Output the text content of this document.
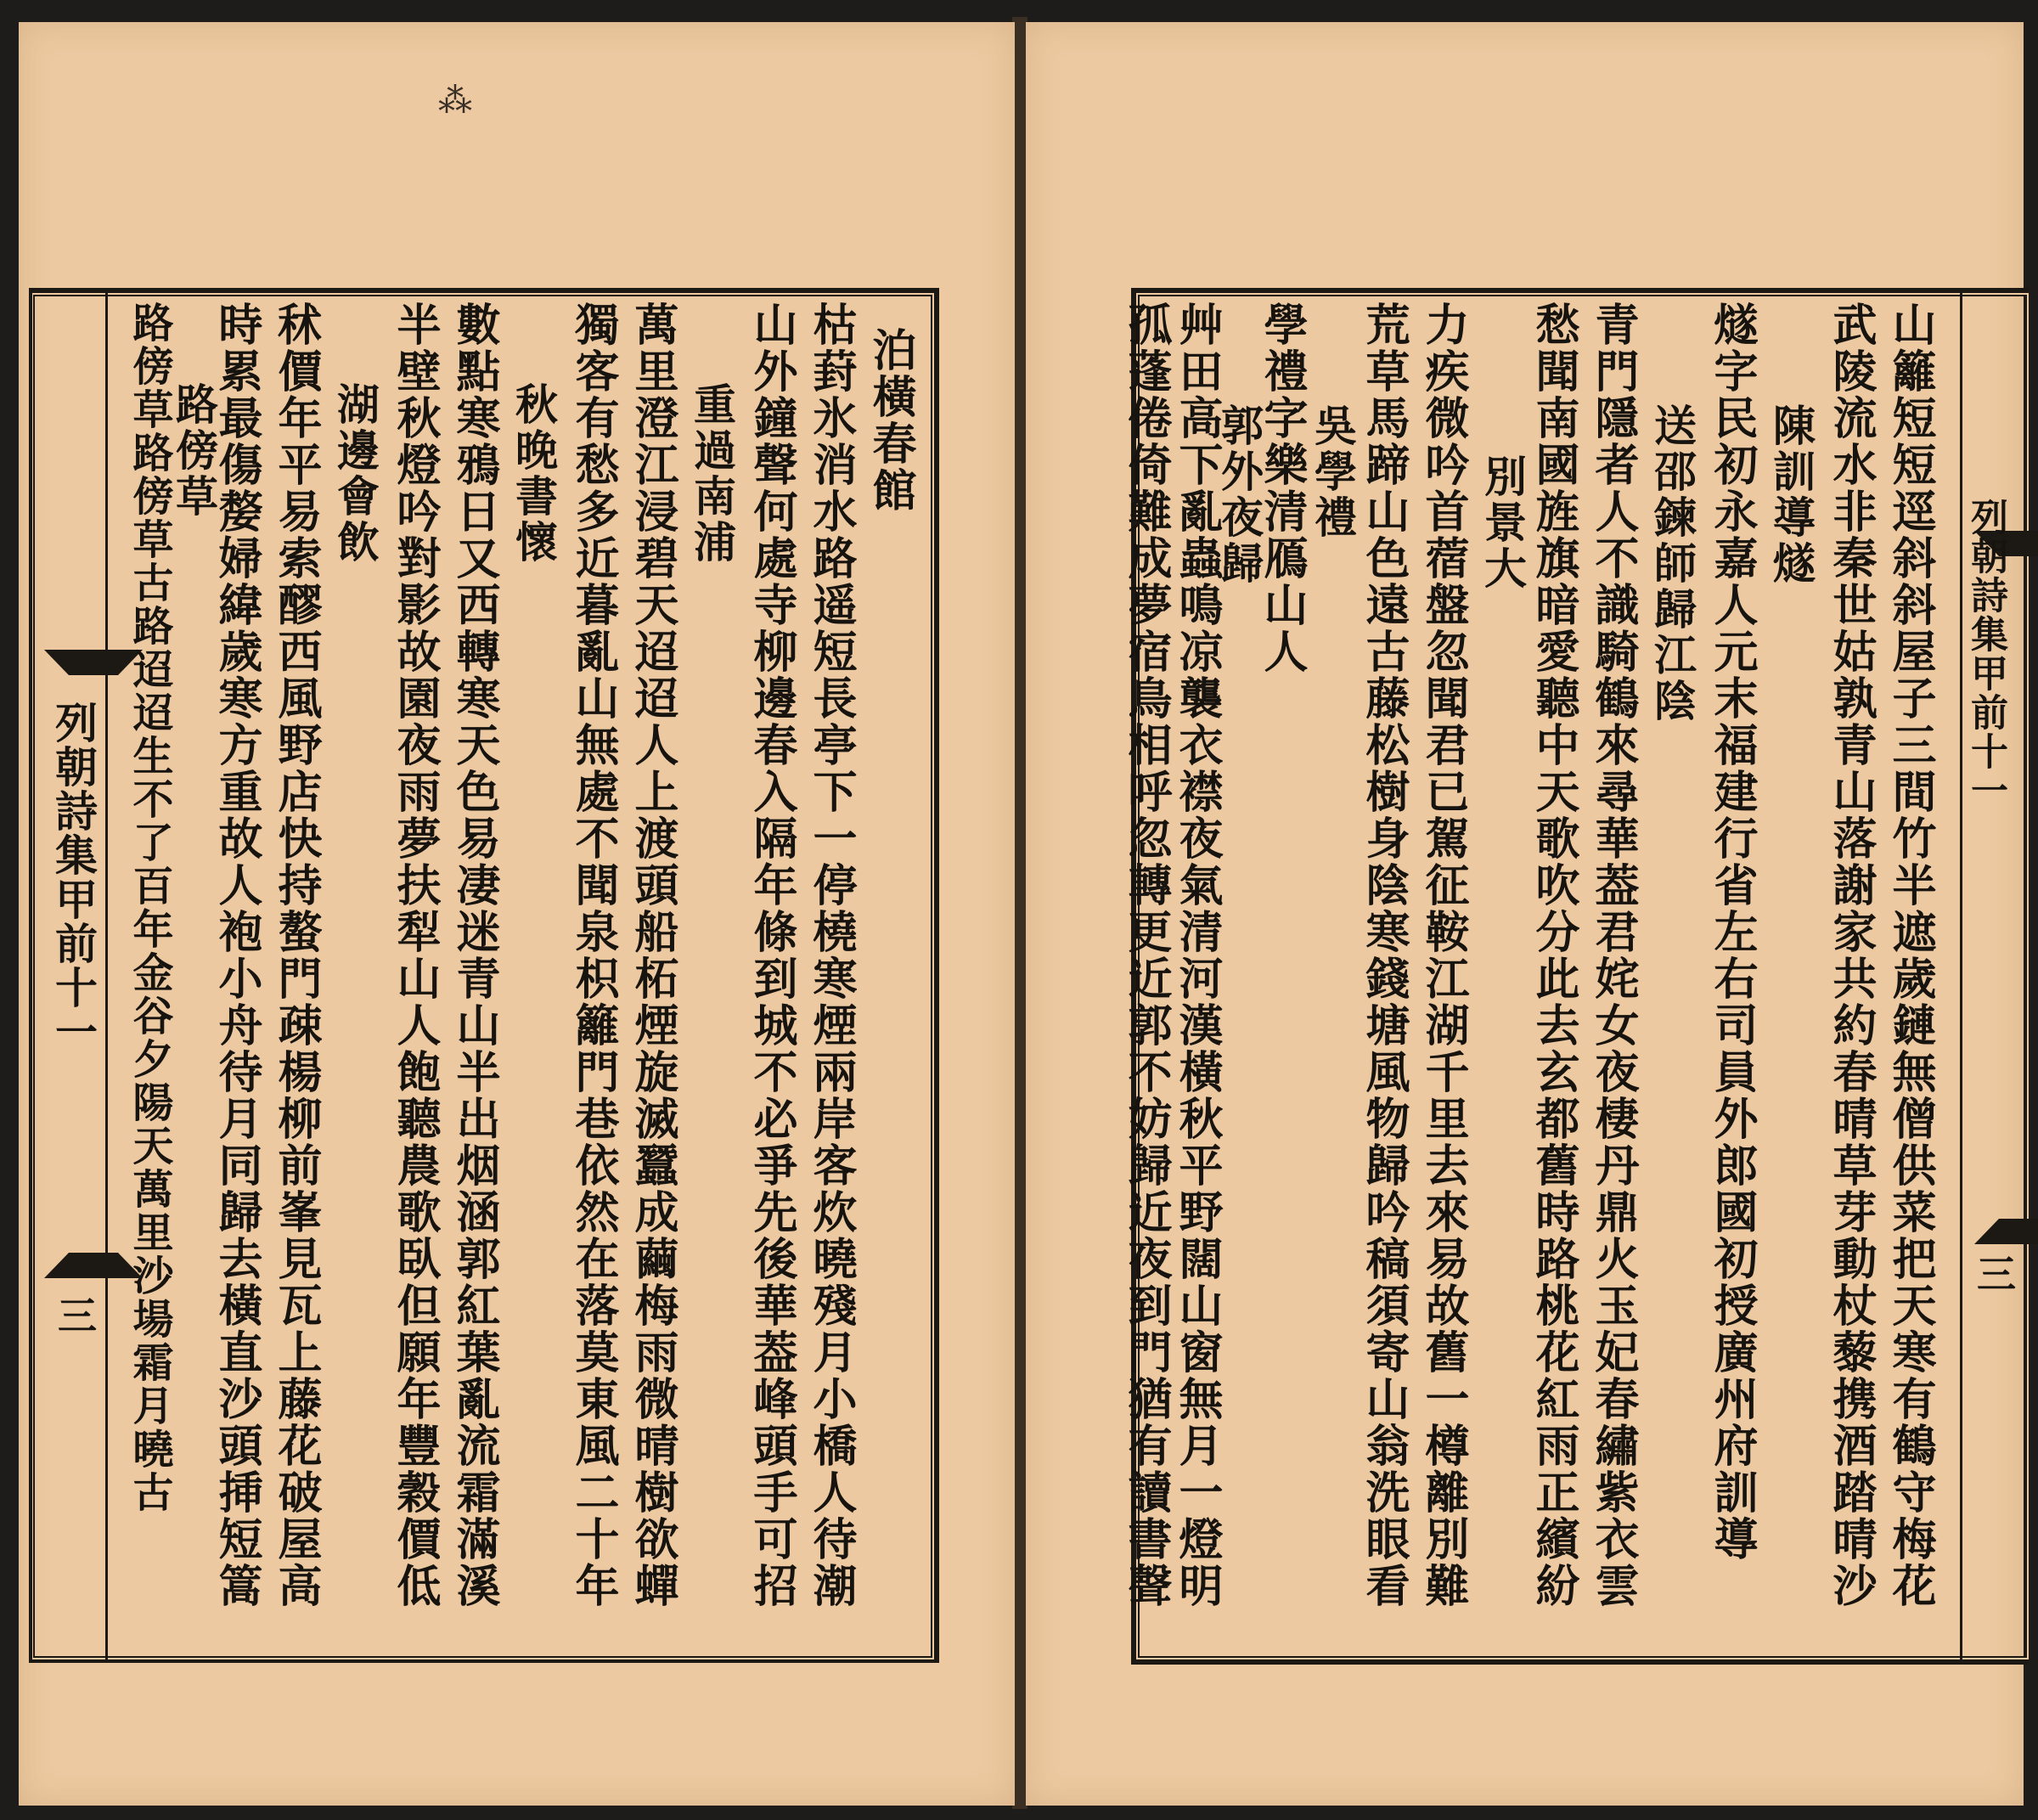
⁂
列朝詩集甲前十一
三
泊橫春館
枯葑氷消水路遥短長亭下一停橈寒煙兩岸客炊曉殘月小橋人待潮
山外鐘聲何處寺柳邊春入隔年條到城不必爭先後華葢峰頭手可招
重過南浦
萬里澄江浸碧天迢迢人上渡頭船柘煙旋滅蠶成繭梅雨微晴樹欲蟬
獨客有愁多近暮亂山無處不聞泉枳籬門巷依然在落莫東風二十年
秋晚書懷
數點寒鴉日又西轉寒天色易凄迷青山半出烟涵郭紅葉亂流霜滿溪
半壁秋燈吟對影故園夜雨夢扶犁山人飽聽農歌臥但願年豐穀價低
湖邊會飲
秫價年平易索醪西風野店快持螯門疎楊柳前峯見瓦上藤花破屋高
時累最傷嫠婦緯歲寒方重故人袍小舟待月同歸去橫直沙頭挿短篙
路傍草
路傍草路傍草古路迢迢生不了百年金谷夕陽天萬里沙場霜月曉古	山籬短短逕斜斜屋子三間竹半遮歲鏈無僧供菜把天寒有鶴守梅花
武陵流水非秦世姑孰青山落謝家共約春晴草芽動杖藜携酒踏晴沙
陳訓導燧
燧字民初永嘉人元末福建行省左右司員外郎國初授廣州府訓導
送邵鍊師歸江陰
青門隱者人不識騎鶴來尋華葢君姹女夜棲丹鼎火玉妃春繡紫衣雲
愁聞南國旌旗暗愛聽中天歌吹分此去玄都舊時路桃花紅雨正繽紛
別景大
力疾微吟首蓿盤忽聞君已駕征鞍江湖千里去來易故舊一樽離別難
荒草馬蹄山色遠古藤松樹身陰寒錢塘風物歸吟稿須寄山翁洗眼看
吳學禮
學禮字樂清鴈山人
郭外夜歸
艸田高下亂蟲鳴凉襲衣襟夜氣清河漢橫秋平野闊山窗無月一燈明
孤蓬倦倚難成夢宿鳥相呼忽轉更近郭不妨歸近夜到門猶有讀書聲	列朝詩集甲前十一
三
